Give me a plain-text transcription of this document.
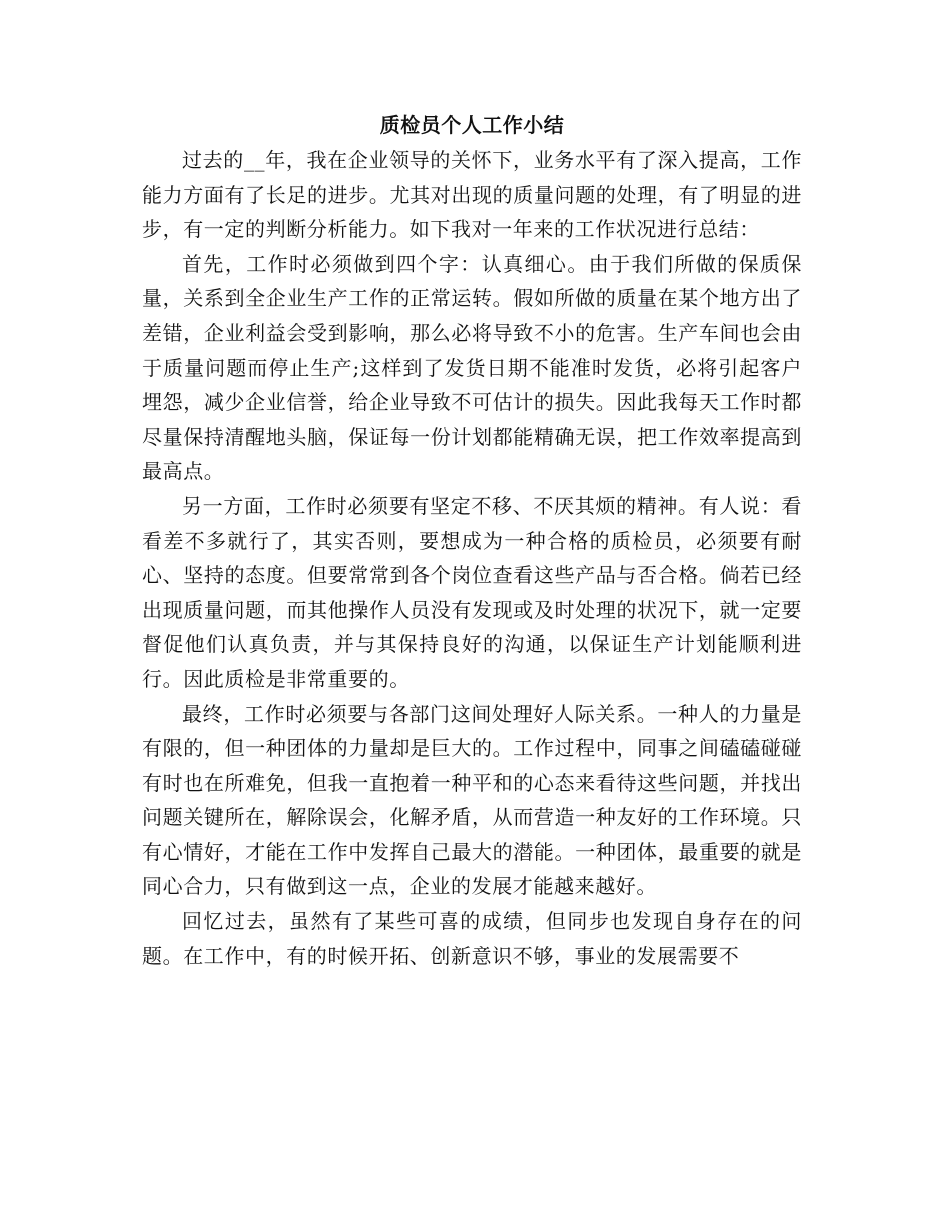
质检员个人工作小结

过去的__年，我在企业领导的关怀下，业务水平有了深入提高，工作能力方面有了长足的进步。尤其对出现的质量问题的处理，有了明显的进步，有一定的判断分析能力。如下我对一年来的工作状况进行总结：

首先，工作时必须做到四个字：认真细心。由于我们所做的保质保量，关系到全企业生产工作的正常运转。假如所做的质量在某个地方出了差错，企业利益会受到影响，那么必将导致不小的危害。生产车间也会由于质量问题而停止生产;这样到了发货日期不能准时发货，必将引起客户埋怨，减少企业信誉，给企业导致不可估计的损失。因此我每天工作时都尽量保持清醒地头脑，保证每一份计划都能精确无误，把工作效率提高到最高点。

另一方面，工作时必须要有坚定不移、不厌其烦的精神。有人说：看看差不多就行了，其实否则，要想成为一种合格的质检员，必须要有耐心、坚持的态度。但要常常到各个岗位查看这些产品与否合格。倘若已经出现质量问题，而其他操作人员没有发现或及时处理的状况下，就一定要督促他们认真负责，并与其保持良好的沟通，以保证生产计划能顺利进行。因此质检是非常重要的。

最终，工作时必须要与各部门这间处理好人际关系。一种人的力量是有限的，但一种团体的力量却是巨大的。工作过程中，同事之间磕磕碰碰有时也在所难免，但我一直抱着一种平和的心态来看待这些问题，并找出问题关键所在，解除误会，化解矛盾，从而营造一种友好的工作环境。只有心情好，才能在工作中发挥自己最大的潜能。一种团体，最重要的就是同心合力，只有做到这一点，企业的发展才能越来越好。

回忆过去，虽然有了某些可喜的成绩，但同步也发现自身存在的问题。在工作中，有的时候开拓、创新意识不够，事业的发展需要不
